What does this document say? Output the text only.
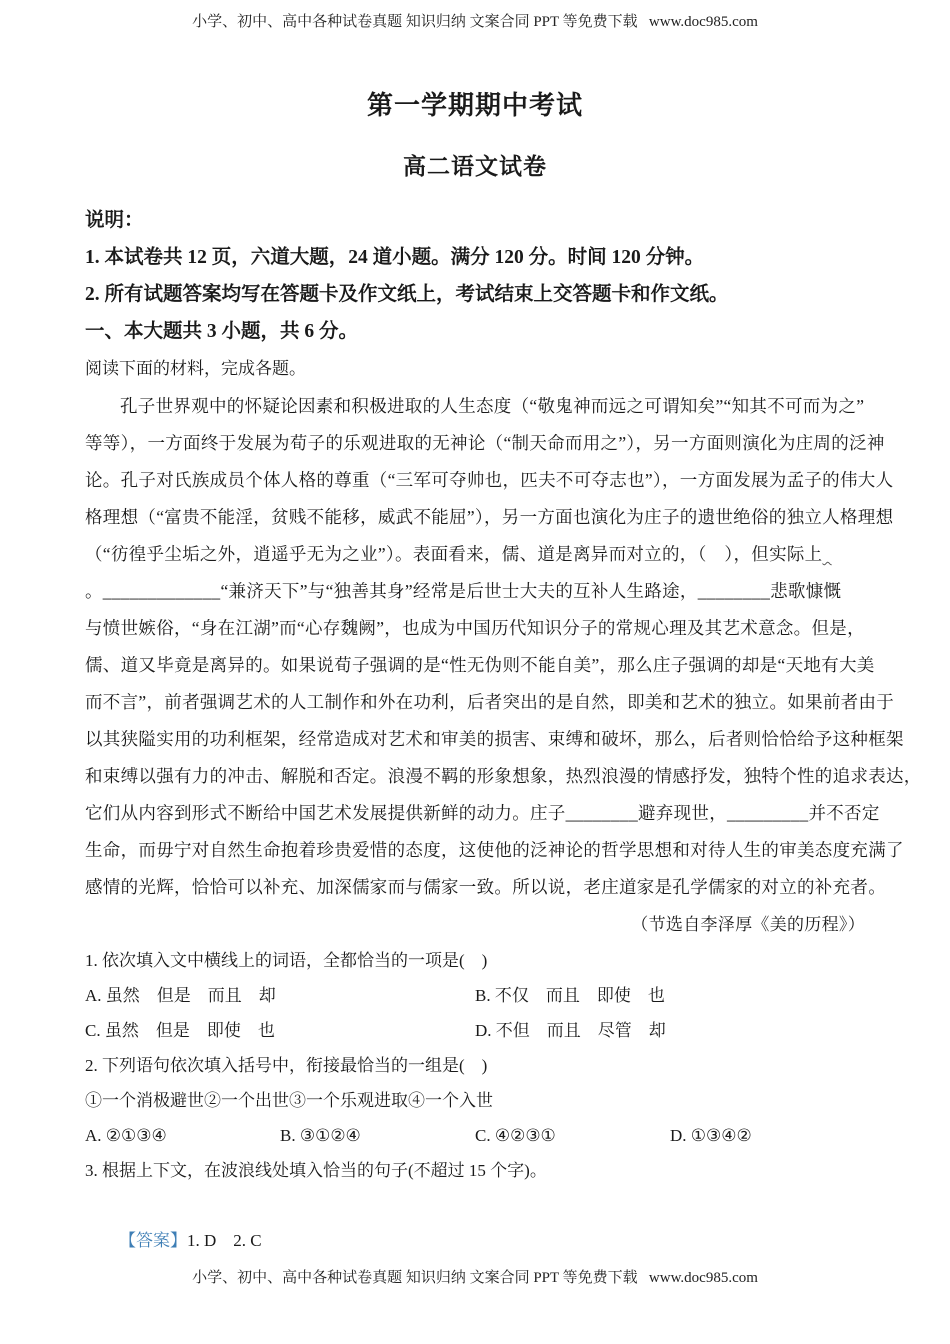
小学、初中、高中各种试卷真题 知识归纳 文案合同 PPT 等免费下载   www.doc985.com
第一学期期中考试
高二语文试卷
说明：
1. 本试卷共 12 页，六道大题，24 道小题。满分 120 分。时间 120 分钟。
2. 所有试题答案均写在答题卡及作文纸上，考试结束上交答题卡和作文纸。
一、本大题共 3 小题，共 6 分。
阅读下面的材料，完成各题。
孔子世界观中的怀疑论因素和积极进取的人生态度（“敬鬼神而远之可谓知矣”“知其不可而为之”
等等），一方面终于发展为荀子的乐观进取的无神论（“制天命而用之”），另一方面则演化为庄周的泛神
论。孔子对氏族成员个体人格的尊重（“三军可夺帅也，匹夫不可夺志也”），一方面发展为孟子的伟大人
格理想（“富贵不能淫，贫贱不能移，威武不能屈”），另一方面也演化为庄子的遗世绝俗的独立人格理想
（“彷徨乎尘垢之外，逍遥乎无为之业”）。表面看来，儒、道是离异而对立的，（　），但实际上
。_____________“兼济天下”与“独善其身”经常是后世士大夫的互补人生路途，________悲歌慷慨
与愤世嫉俗，“身在江湖”而“心存魏阙”，也成为中国历代知识分子的常规心理及其艺术意念。但是，
儒、道又毕竟是离异的。如果说荀子强调的是“性无伪则不能自美”，那么庄子强调的却是“天地有大美
而不言”，前者强调艺术的人工制作和外在功利，后者突出的是自然，即美和艺术的独立。如果前者由于
以其狭隘实用的功利框架，经常造成对艺术和审美的损害、束缚和破坏，那么，后者则恰恰给予这种框架
和束缚以强有力的冲击、解脱和否定。浪漫不羁的形象想象，热烈浪漫的情感抒发，独特个性的追求表达，
它们从内容到形式不断给中国艺术发展提供新鲜的动力。庄子________避弃现世，_________并不否定
生命，而毋宁对自然生命抱着珍贵爱惜的态度，这使他的泛神论的哲学思想和对待人生的审美态度充满了
感情的光辉，恰恰可以补充、加深儒家而与儒家一致。所以说，老庄道家是孔学儒家的对立的补充者。
（节选自李泽厚《美的历程》）
1. 依次填入文中横线上的词语，全都恰当的一项是(　)
A. 虽然　但是　而且　却	B. 不仅　而且　即使　也
C. 虽然　但是　即使　也	D. 不但　而且　尽管　却
2. 下列语句依次填入括号中，衔接最恰当的一组是(　)
①一个消极避世②一个出世③一个乐观进取④一个入世
A. ②①③④	B. ③①②④	C. ④②③①	D. ①③④②
3. 根据上下文，在波浪线处填入恰当的句子(不超过 15 个字)。

【答案】1. D    2. C

小学、初中、高中各种试卷真题 知识归纳 文案合同 PPT 等免费下载   www.doc985.com
